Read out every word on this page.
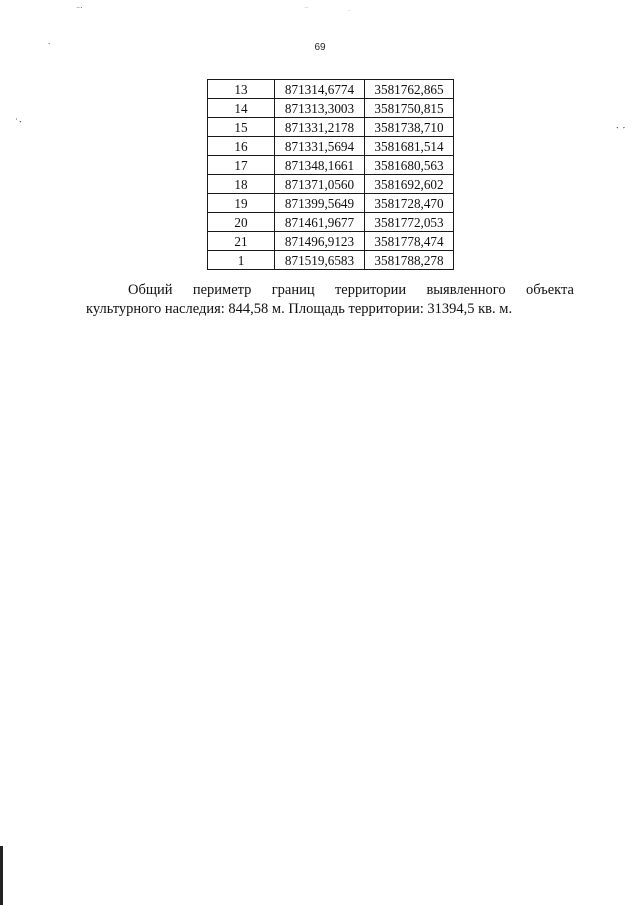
⁻ˑ
ˑ
˙ˑ
ˑ ˑ
69
13	871314,6774	3581762,865
14	871313,3003	3581750,815
15	871331,2178	3581738,710
16	871331,5694	3581681,514
17	871348,1661	3581680,563
18	871371,0560	3581692,602
19	871399,5649	3581728,470
20	871461,9677	3581772,053
21	871496,9123	3581778,474
1	871519,6583	3581788,278
Общий периметр границ территории выявленного объекта
культурного наследия: 844,58 м. Площадь территории: 31394,5 кв. м.
